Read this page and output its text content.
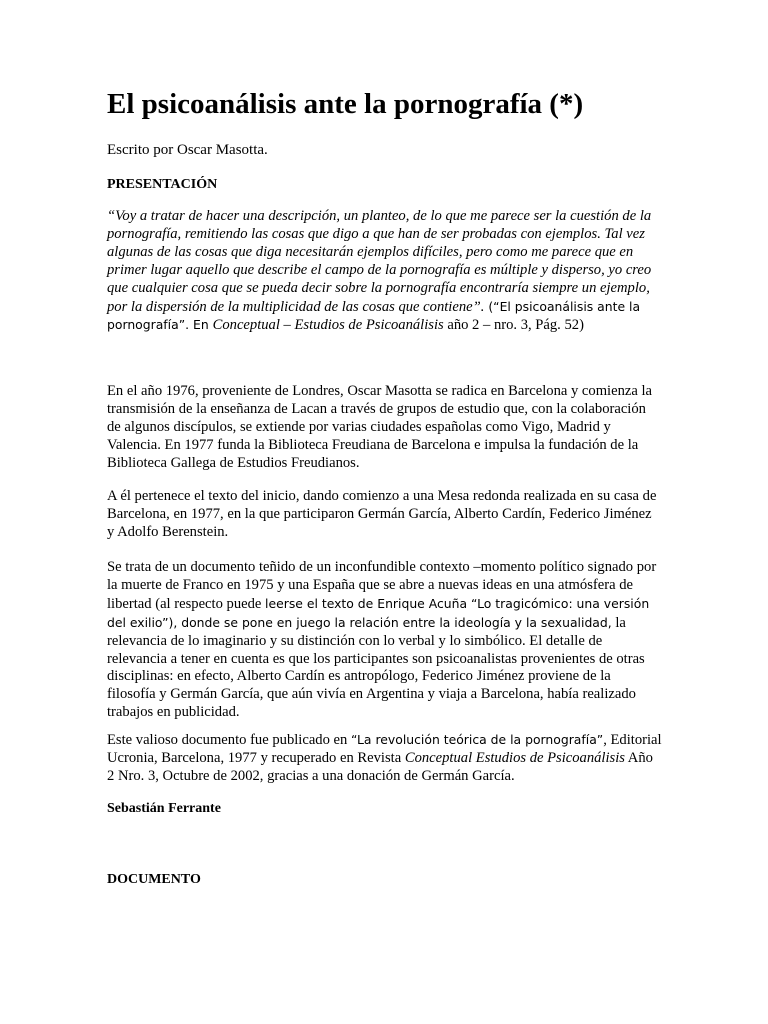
El psicoanálisis ante la pornografía (*)

Escrito por Oscar Masotta.

PRESENTACIÓN

“Voy a tratar de hacer una descripción, un planteo, de lo que me parece ser la cuestión de la pornografía, remitiendo las cosas que digo a que han de ser probadas con ejemplos. Tal vez algunas de las cosas que diga necesitarán ejemplos difíciles, pero como me parece que en primer lugar aquello que describe el campo de la pornografía es múltiple y disperso, yo creo que cualquier cosa que se pueda decir sobre la pornografía encontraría siempre un ejemplo, por la dispersión de la multiplicidad de las cosas que contiene”. (“El psicoanálisis ante la pornografía”. En Conceptual – Estudios de Psicoanálisis año 2 – nro. 3, Pág. 52)

En el año 1976, proveniente de Londres, Oscar Masotta se radica en Barcelona y comienza la transmisión de la enseñanza de Lacan a través de grupos de estudio que, con la colaboración de algunos discípulos, se extiende por varias ciudades españolas como Vigo, Madrid y Valencia. En 1977 funda la Biblioteca Freudiana de Barcelona e impulsa la fundación de la Biblioteca Gallega de Estudios Freudianos.

A él pertenece el texto del inicio, dando comienzo a una Mesa redonda realizada en su casa de Barcelona, en 1977, en la que participaron Germán García, Alberto Cardín, Federico Jiménez y Adolfo Berenstein.

Se trata de un documento teñido de un inconfundible contexto –momento político signado por la muerte de Franco en 1975 y una España que se abre a nuevas ideas en una atmósfera de libertad (al respecto puede leerse el texto de Enrique Acuña “Lo tragicómico: una versión del exilio”), donde se pone en juego la relación entre la ideología y la sexualidad, la relevancia de lo imaginario y su distinción con lo verbal y lo simbólico. El detalle de relevancia a tener en cuenta es que los participantes son psicoanalistas provenientes de otras disciplinas: en efecto, Alberto Cardín es antropólogo, Federico Jiménez proviene de la filosofía y Germán García, que aún vivía en Argentina y viaja a Barcelona, había realizado trabajos en publicidad.

Este valioso documento fue publicado en “La revolución teórica de la pornografía”, Editorial Ucronia, Barcelona, 1977 y recuperado en Revista Conceptual Estudios de Psicoanálisis Año 2 Nro. 3, Octubre de 2002, gracias a una donación de Germán García.

Sebastián Ferrante

DOCUMENTO
